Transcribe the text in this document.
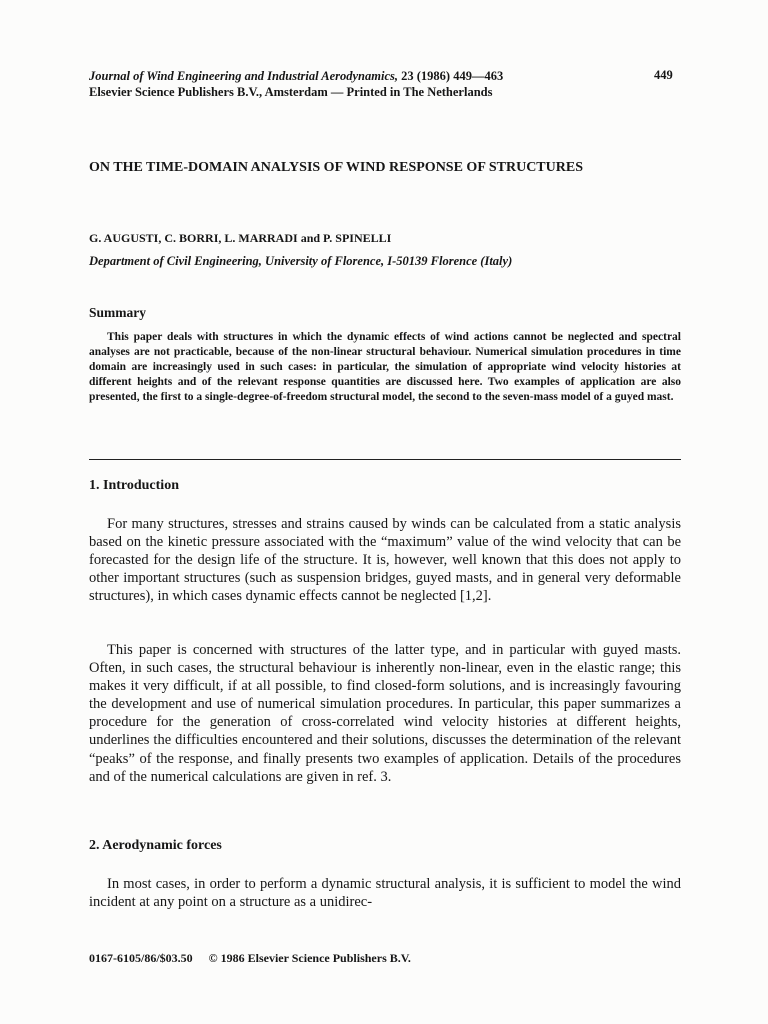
Journal of Wind Engineering and Industrial Aerodynamics, 23 (1986) 449—463
Elsevier Science Publishers B.V., Amsterdam — Printed in The Netherlands
449
ON THE TIME-DOMAIN ANALYSIS OF WIND RESPONSE OF STRUCTURES
G. AUGUSTI, C. BORRI, L. MARRADI and P. SPINELLI
Department of Civil Engineering, University of Florence, I-50139 Florence (Italy)
Summary

This paper deals with structures in which the dynamic effects of wind actions cannot be neglected and spectral analyses are not practicable, because of the non-linear structural behaviour. Numerical simulation procedures in time domain are increasingly used in such cases: in particular, the simulation of appropriate wind velocity histories at different heights and of the relevant response quantities are discussed here. Two examples of application are also presented, the first to a single-degree-of-freedom structural model, the second to the seven-mass model of a guyed mast.

1. Introduction

For many structures, stresses and strains caused by winds can be calculated from a static analysis based on the kinetic pressure associated with the “maximum” value of the wind velocity that can be forecasted for the design life of the structure. It is, however, well known that this does not apply to other important structures (such as suspension bridges, guyed masts, and in general very deformable structures), in which cases dynamic effects cannot be neglected [1,2].

This paper is concerned with structures of the latter type, and in particular with guyed masts. Often, in such cases, the structural behaviour is inherently non-linear, even in the elastic range; this makes it very difficult, if at all possible, to find closed-form solutions, and is increasingly favouring the development and use of numerical simulation procedures. In particular, this paper summarizes a procedure for the generation of cross-correlated wind velocity histories at different heights, underlines the difficulties encountered and their solutions, discusses the determination of the relevant “peaks” of the response, and finally presents two examples of application. Details of the procedures and of the numerical calculations are given in ref. 3.

2. Aerodynamic forces

In most cases, in order to perform a dynamic structural analysis, it is sufficient to model the wind incident at any point on a structure as a unidirec-

0167-6105/86/$03.50 © 1986 Elsevier Science Publishers B.V.
